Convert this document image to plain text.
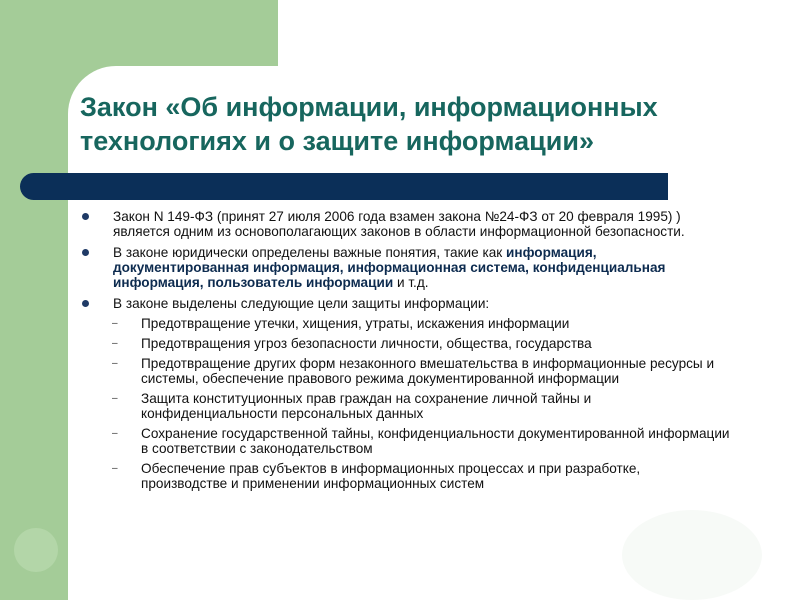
Закон «Об информации, информационных технологиях и о защите информации»
Закон N 149-ФЗ (принят 27 июля 2006 года взамен закона №24-ФЗ от 20 февраля 1995) ) является одним из основополагающих законов в области информационной безопасности.
В законе юридически определены важные понятия, такие как информация, документированная информация, информационная система, конфиденциальная информация, пользователь информации и т.д.
В законе выделены следующие цели защиты информации:
– Предотвращение утечки, хищения, утраты, искажения информации
– Предотвращения угроз безопасности личности, общества, государства
– Предотвращение других форм незаконного вмешательства в информационные ресурсы и системы, обеспечение правового режима документированной информации
– Защита конституционных прав граждан на сохранение личной тайны и конфиденциальности персональных данных
– Сохранение государственной тайны, конфиденциальности документированной информации в соответствии с законодательством
– Обеспечение прав субъектов в информационных процессах и при разработке, производстве и применении информационных систем
